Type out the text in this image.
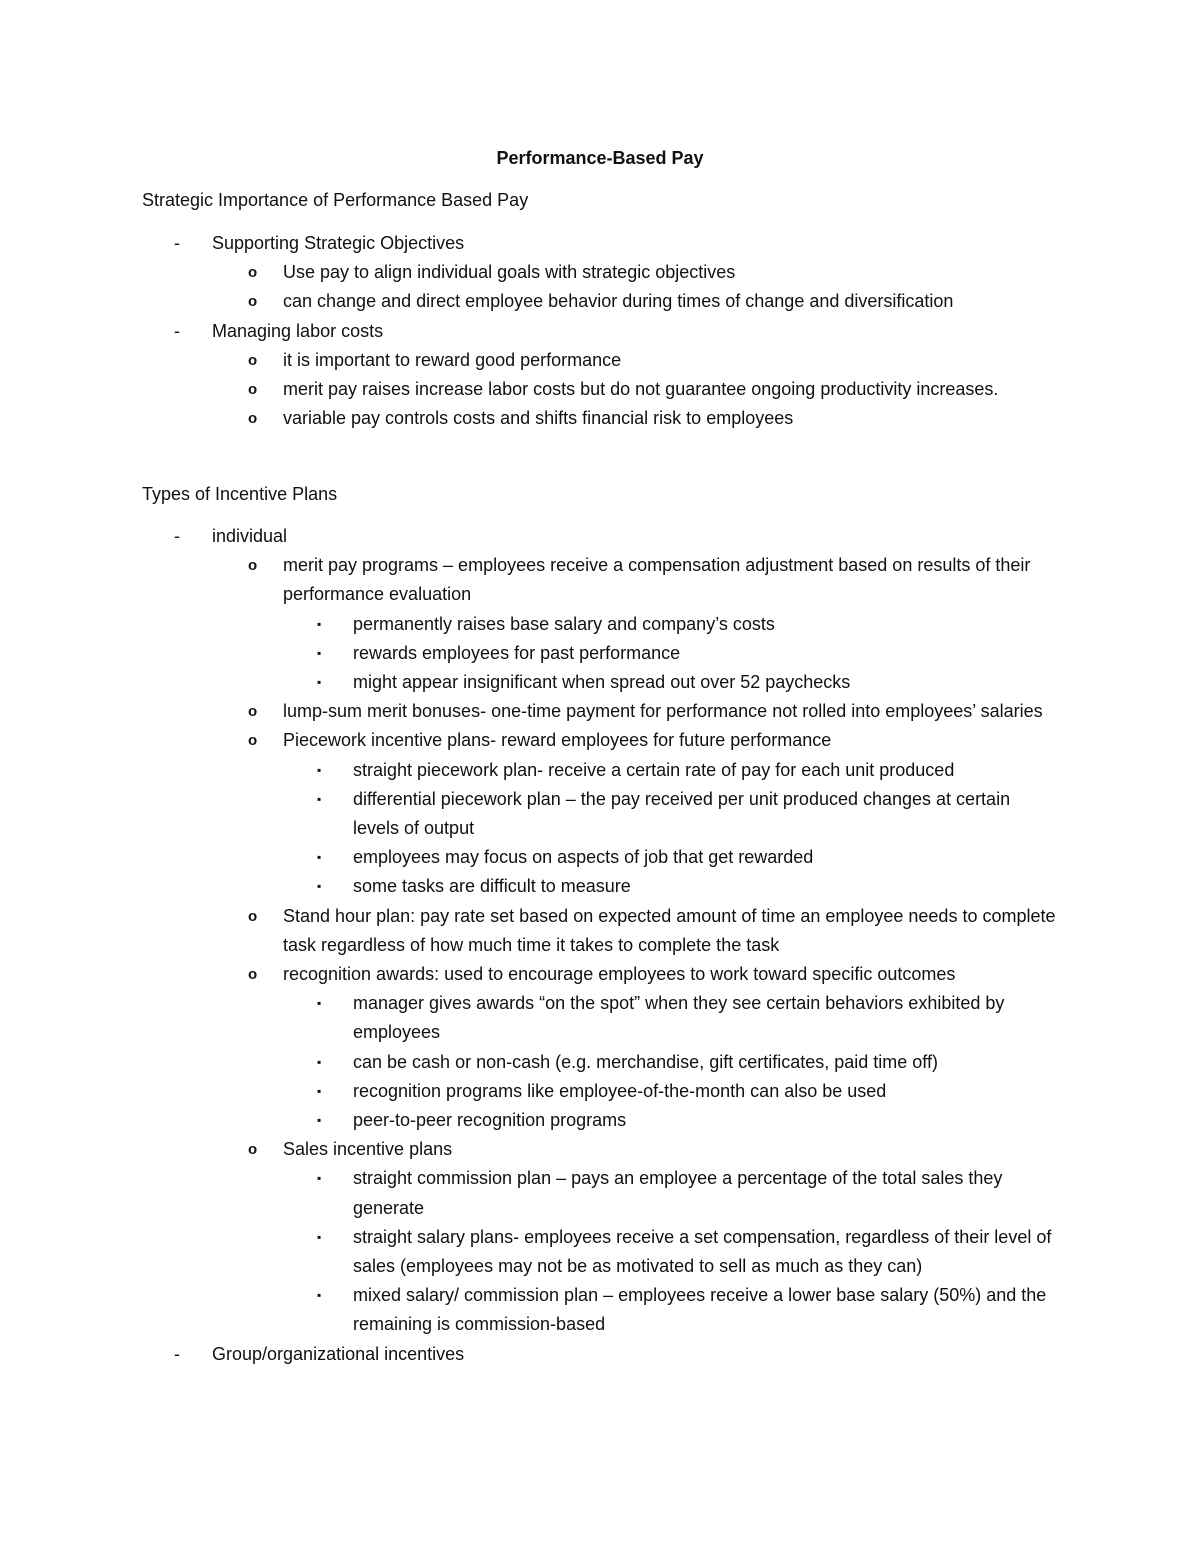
Performance-Based Pay
Strategic Importance of Performance Based Pay
- Supporting Strategic Objectives
o Use pay to align individual goals with strategic objectives
o can change and direct employee behavior during times of change and diversification
- Managing labor costs
o it is important to reward good performance
o merit pay raises increase labor costs but do not guarantee ongoing productivity increases.
o variable pay controls costs and shifts financial risk to employees
Types of Incentive Plans
- individual
o merit pay programs – employees receive a compensation adjustment based on results of their performance evaluation
▪ permanently raises base salary and company’s costs
▪ rewards employees for past performance
▪ might appear insignificant when spread out over 52 paychecks
o lump-sum merit bonuses- one-time payment for performance not rolled into employees’ salaries
o Piecework incentive plans- reward employees for future performance
▪ straight piecework plan- receive a certain rate of pay for each unit produced
▪ differential piecework plan – the pay received per unit produced changes at certain levels of output
▪ employees may focus on aspects of job that get rewarded
▪ some tasks are difficult to measure
o Stand hour plan: pay rate set based on expected amount of time an employee needs to complete task regardless of how much time it takes to complete the task
o recognition awards: used to encourage employees to work toward specific outcomes
▪ manager gives awards “on the spot” when they see certain behaviors exhibited by employees
▪ can be cash or non-cash (e.g. merchandise, gift certificates, paid time off)
▪ recognition programs like employee-of-the-month can also be used
▪ peer-to-peer recognition programs
o Sales incentive plans
▪ straight commission plan – pays an employee a percentage of the total sales they generate
▪ straight salary plans- employees receive a set compensation, regardless of their level of sales (employees may not be as motivated to sell as much as they can)
▪ mixed salary/ commission plan – employees receive a lower base salary (50%) and the remaining is commission-based
- Group/organizational incentives
